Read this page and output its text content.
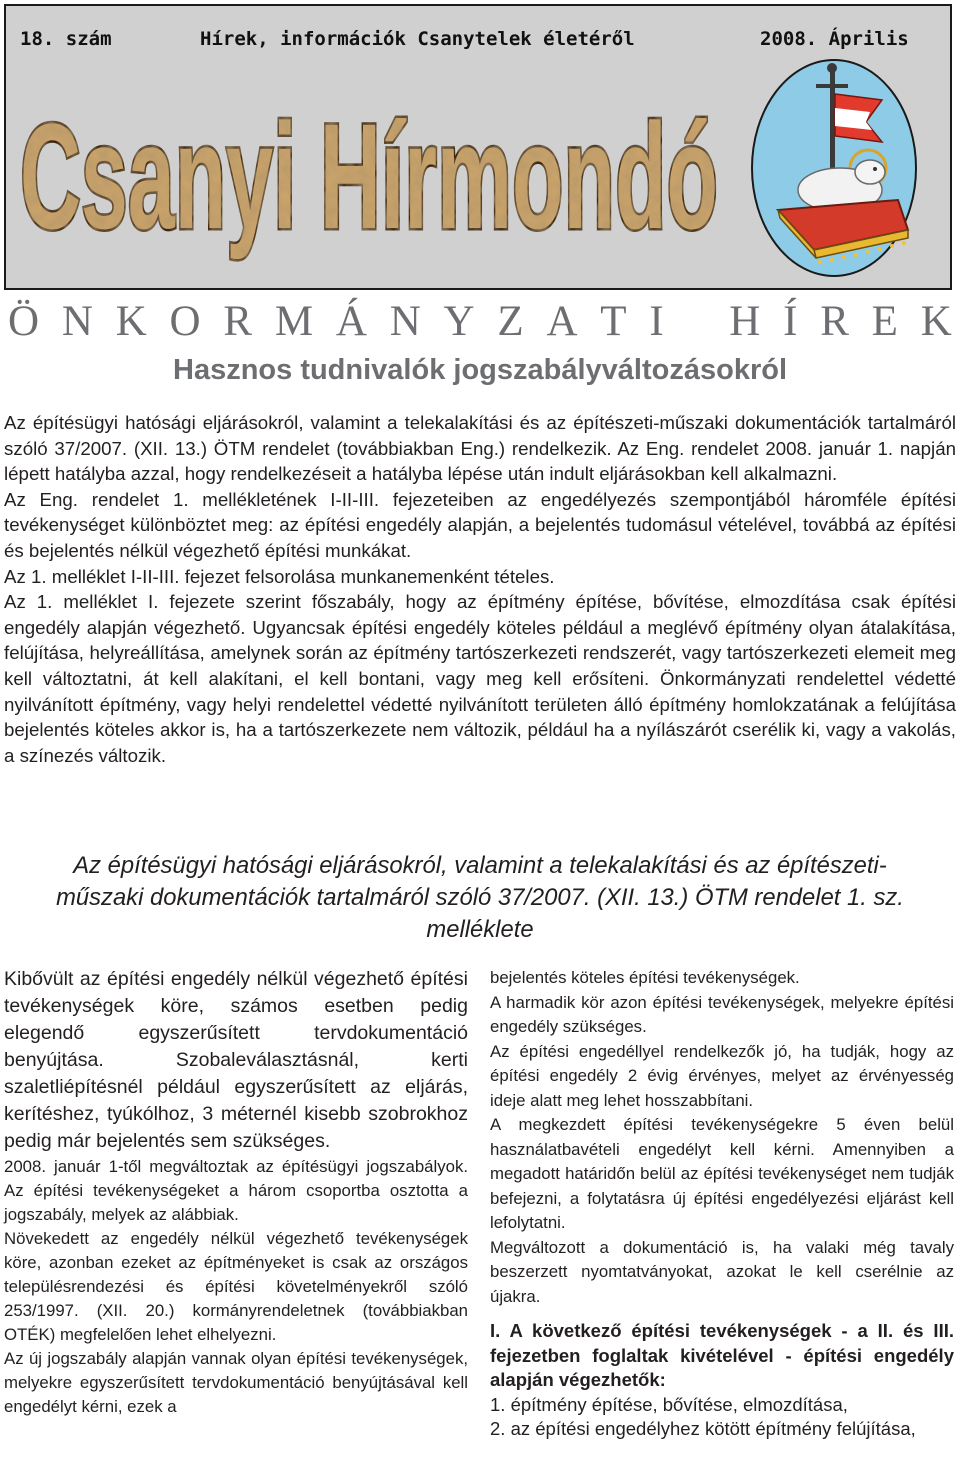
18. szám	Hírek, információk Csanytelek életéről	2008. Április
Csanyi Hírmondó
Ö N K O R M Á N Y Z A T I H Í R E K
Hasznos tudnivalók jogszabályváltozásokról

Az építésügyi hatósági eljárásokról, valamint a telekalakítási és az építészeti-műszaki dokumentációk tartalmáról szóló 37/2007. (XII. 13.) ÖTM rendelet (továbbiakban Eng.) rendelkezik. Az Eng. rendelet 2008. január 1. napján lépett hatályba azzal, hogy rendelkezéseit a hatályba lépése után indult eljárásokban kell alkalmazni.

Az Eng. rendelet 1. mellékletének I-II-III. fejezeteiben az engedélyezés szempontjából háromféle építési tevékenységet különböztet meg: az építési engedély alapján, a bejelentés tudomásul vételével, továbbá az építési és bejelentés nélkül végezhető építési munkákat.

Az 1. melléklet I-II-III. fejezet felsorolása munkanemenként tételes.

Az 1. melléklet I. fejezete szerint főszabály, hogy az építmény építése, bővítése, elmozdítása csak építési engedély alapján végezhető. Ugyancsak építési engedély köteles például a meglévő építmény olyan átalakítása, felújítása, helyreállítása, amelynek során az építmény tartószerkezeti rendszerét, vagy tartószerkezeti elemeit meg kell változtatni, át kell alakítani, el kell bontani, vagy meg kell erősíteni. Önkormányzati rendelettel védetté nyilvánított építmény, vagy helyi rendelettel védetté nyilvánított területen álló építmény homlokzatának a felújítása bejelentés köteles akkor is, ha a tartószerkezete nem változik, például ha a nyílászárót cserélik ki, vagy a vakolás, a színezés változik.

Az építésügyi hatósági eljárásokról, valamint a telekalakítási és az építészeti-
műszaki dokumentációk tartalmáról szóló 37/2007. (XII. 13.) ÖTM rendelet 1. sz.
melléklete

Kibővült az építési engedély nélkül végezhető építési tevékenységek köre, számos esetben pedig elegendő egyszerűsített tervdokumentáció benyújtása. Szobaleválasztásnál, kerti szaletliépítésnél például egyszerűsített az eljárás, kerítéshez, tyúkólhoz, 3 méternél kisebb szobrokhoz pedig már bejelentés sem szükséges.

2008. január 1-től megváltoztak az építésügyi jogszabályok. Az építési tevékenységeket a három csoportba osztotta a jogszabály, melyek az alábbiak.

Növekedett az engedély nélkül végezhető tevékenységek köre, azonban ezeket az építményeket is csak az országos településrendezési és építési követelményekről szóló 253/1997. (XII. 20.) kormányrendeletnek (továbbiakban OTÉK) megfelelően lehet elhelyezni.

Az új jogszabály alapján vannak olyan építési tevékenységek, melyekre egyszerűsített tervdokumentáció benyújtásával kell engedélyt kérni, ezek a

bejelentés köteles építési tevékenységek.

A harmadik kör azon építési tevékenységek, melyekre építési engedély szükséges.

Az építési engedéllyel rendelkezők jó, ha tudják, hogy az építési engedély 2 évig érvényes, melyet az érvényesség ideje alatt meg lehet hosszabbítani.

A megkezdett építési tevékenységekre 5 éven belül használatbavételi engedélyt kell kérni. Amennyiben a megadott határidőn belül az építési tevékenységet nem tudják befejezni, a folytatásra új építési engedélyezési eljárást kell lefolytatni.

Megváltozott a dokumentáció is, ha valaki még tavaly beszerzett nyomtatványokat, azokat le kell cserélnie az újakra.

I. A következő építési tevékenységek - a II. és III. fejezetben foglaltak kivételével - építési engedély alapján végezhetők:

1. építmény építése, bővítése, elmozdítása,

2. az építési engedélyhez kötött építmény felújítása,
